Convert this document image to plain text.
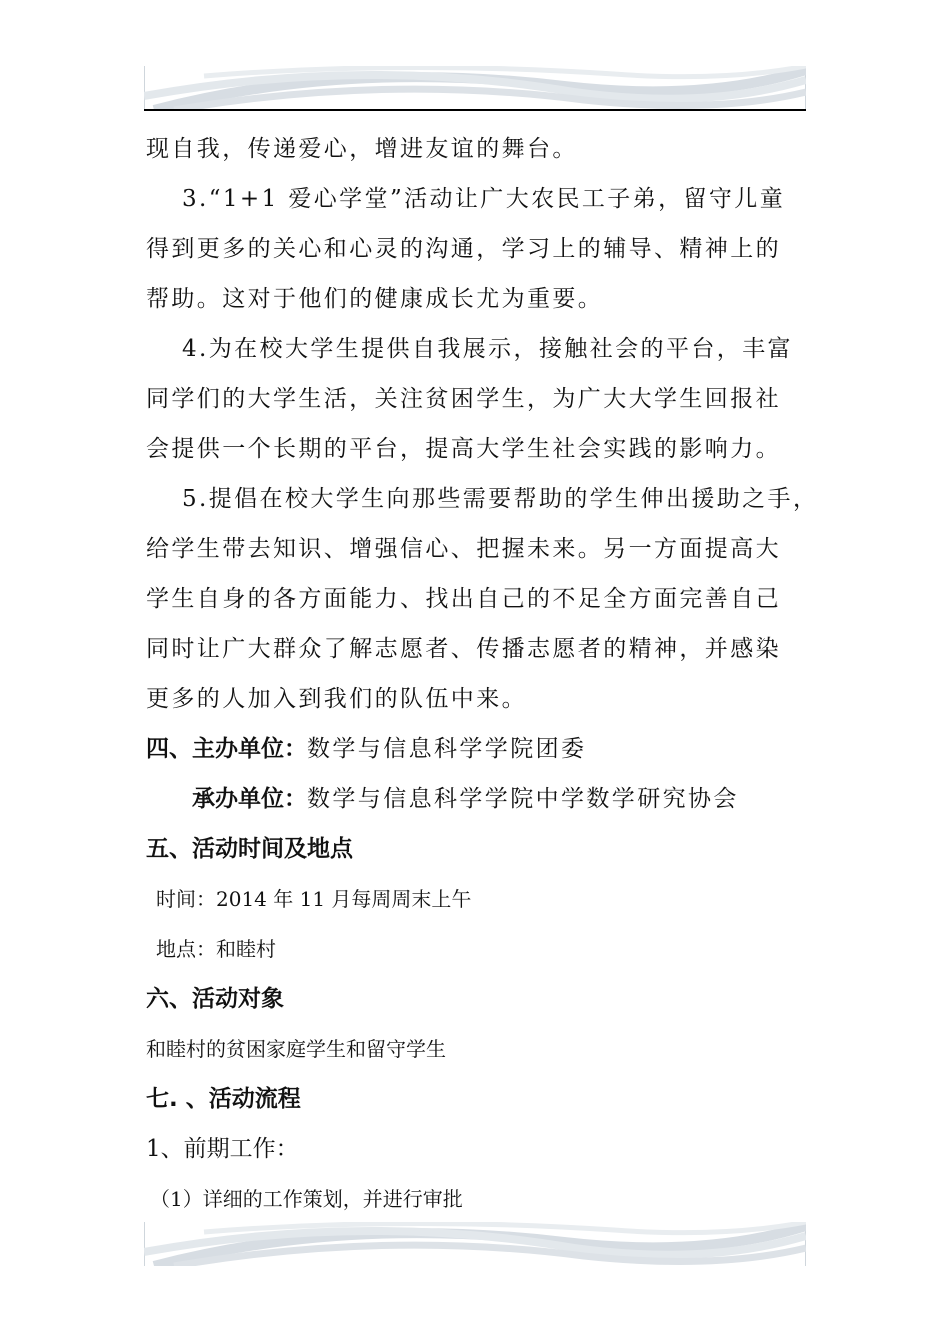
现自我，传递爱心，增进友谊的舞台。
3.“1+1 爱心学堂”活动让广大农民工子弟，留守儿童
得到更多的关心和心灵的沟通，学习上的辅导、精神上的
帮助。这对于他们的健康成长尤为重要。
4.为在校大学生提供自我展示，接触社会的平台，丰富
同学们的大学生活，关注贫困学生，为广大大学生回报社
会提供一个长期的平台，提高大学生社会实践的影响力。
5.提倡在校大学生向那些需要帮助的学生伸出援助之手，
给学生带去知识、增强信心、把握未来。另一方面提高大
学生自身的各方面能力、找出自己的不足全方面完善自己
同时让广大群众了解志愿者、传播志愿者的精神，并感染
更多的人加入到我们的队伍中来。
四、主办单位：数学与信息科学学院团委
承办单位：数学与信息科学学院中学数学研究协会
五、活动时间及地点
时间：2014 年 11 月每周周末上午
地点：和睦村
六、活动对象
和睦村的贫困家庭学生和留守学生
七. 、活动流程
1、前期工作：
（1）详细的工作策划，并进行审批
